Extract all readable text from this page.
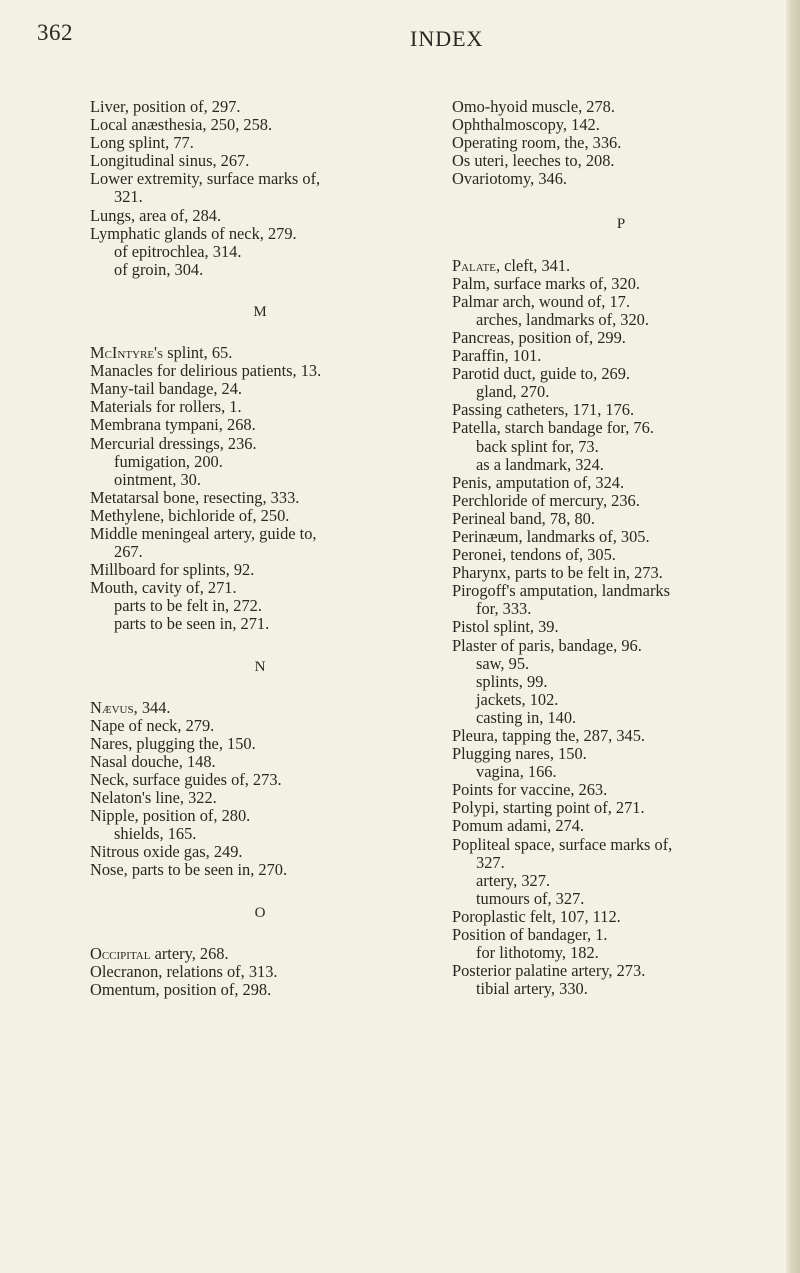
362	INDEX
Liver, position of, 297.
Local anæsthesia, 250, 258.
Long splint, 77.
Longitudinal sinus, 267.
Lower extremity, surface marks of,
321.
Lungs, area of, 284.
Lymphatic glands of neck, 279.
of epitrochlea, 314.
of groin, 304.
M
McIntyre's splint, 65.
Manacles for delirious patients, 13.
Many-tail bandage, 24.
Materials for rollers, 1.
Membrana tympani, 268.
Mercurial dressings, 236.
fumigation, 200.
ointment, 30.
Metatarsal bone, resecting, 333.
Methylene, bichloride of, 250.
Middle meningeal artery, guide to,
267.
Millboard for splints, 92.
Mouth, cavity of, 271.
parts to be felt in, 272.
parts to be seen in, 271.
N
Nævus, 344.
Nape of neck, 279.
Nares, plugging the, 150.
Nasal douche, 148.
Neck, surface guides of, 273.
Nelaton's line, 322.
Nipple, position of, 280.
shields, 165.
Nitrous oxide gas, 249.
Nose, parts to be seen in, 270.
O
Occipital artery, 268.
Olecranon, relations of, 313.
Omentum, position of, 298.
Omo-hyoid muscle, 278.
Ophthalmoscopy, 142.
Operating room, the, 336.
Os uteri, leeches to, 208.
Ovariotomy, 346.
P
Palate, cleft, 341.
Palm, surface marks of, 320.
Palmar arch, wound of, 17.
arches, landmarks of, 320.
Pancreas, position of, 299.
Paraffin, 101.
Parotid duct, guide to, 269.
gland, 270.
Passing catheters, 171, 176.
Patella, starch bandage for, 76.
back splint for, 73.
as a landmark, 324.
Penis, amputation of, 324.
Perchloride of mercury, 236.
Perineal band, 78, 80.
Perinæum, landmarks of, 305.
Peronei, tendons of, 305.
Pharynx, parts to be felt in, 273.
Pirogoff's amputation, landmarks
for, 333.
Pistol splint, 39.
Plaster of paris, bandage, 96.
saw, 95.
splints, 99.
jackets, 102.
casting in, 140.
Pleura, tapping the, 287, 345.
Plugging nares, 150.
vagina, 166.
Points for vaccine, 263.
Polypi, starting point of, 271.
Pomum adami, 274.
Popliteal space, surface marks of,
327.
artery, 327.
tumours of, 327.
Poroplastic felt, 107, 112.
Position of bandager, 1.
for lithotomy, 182.
Posterior palatine artery, 273.
tibial artery, 330.
